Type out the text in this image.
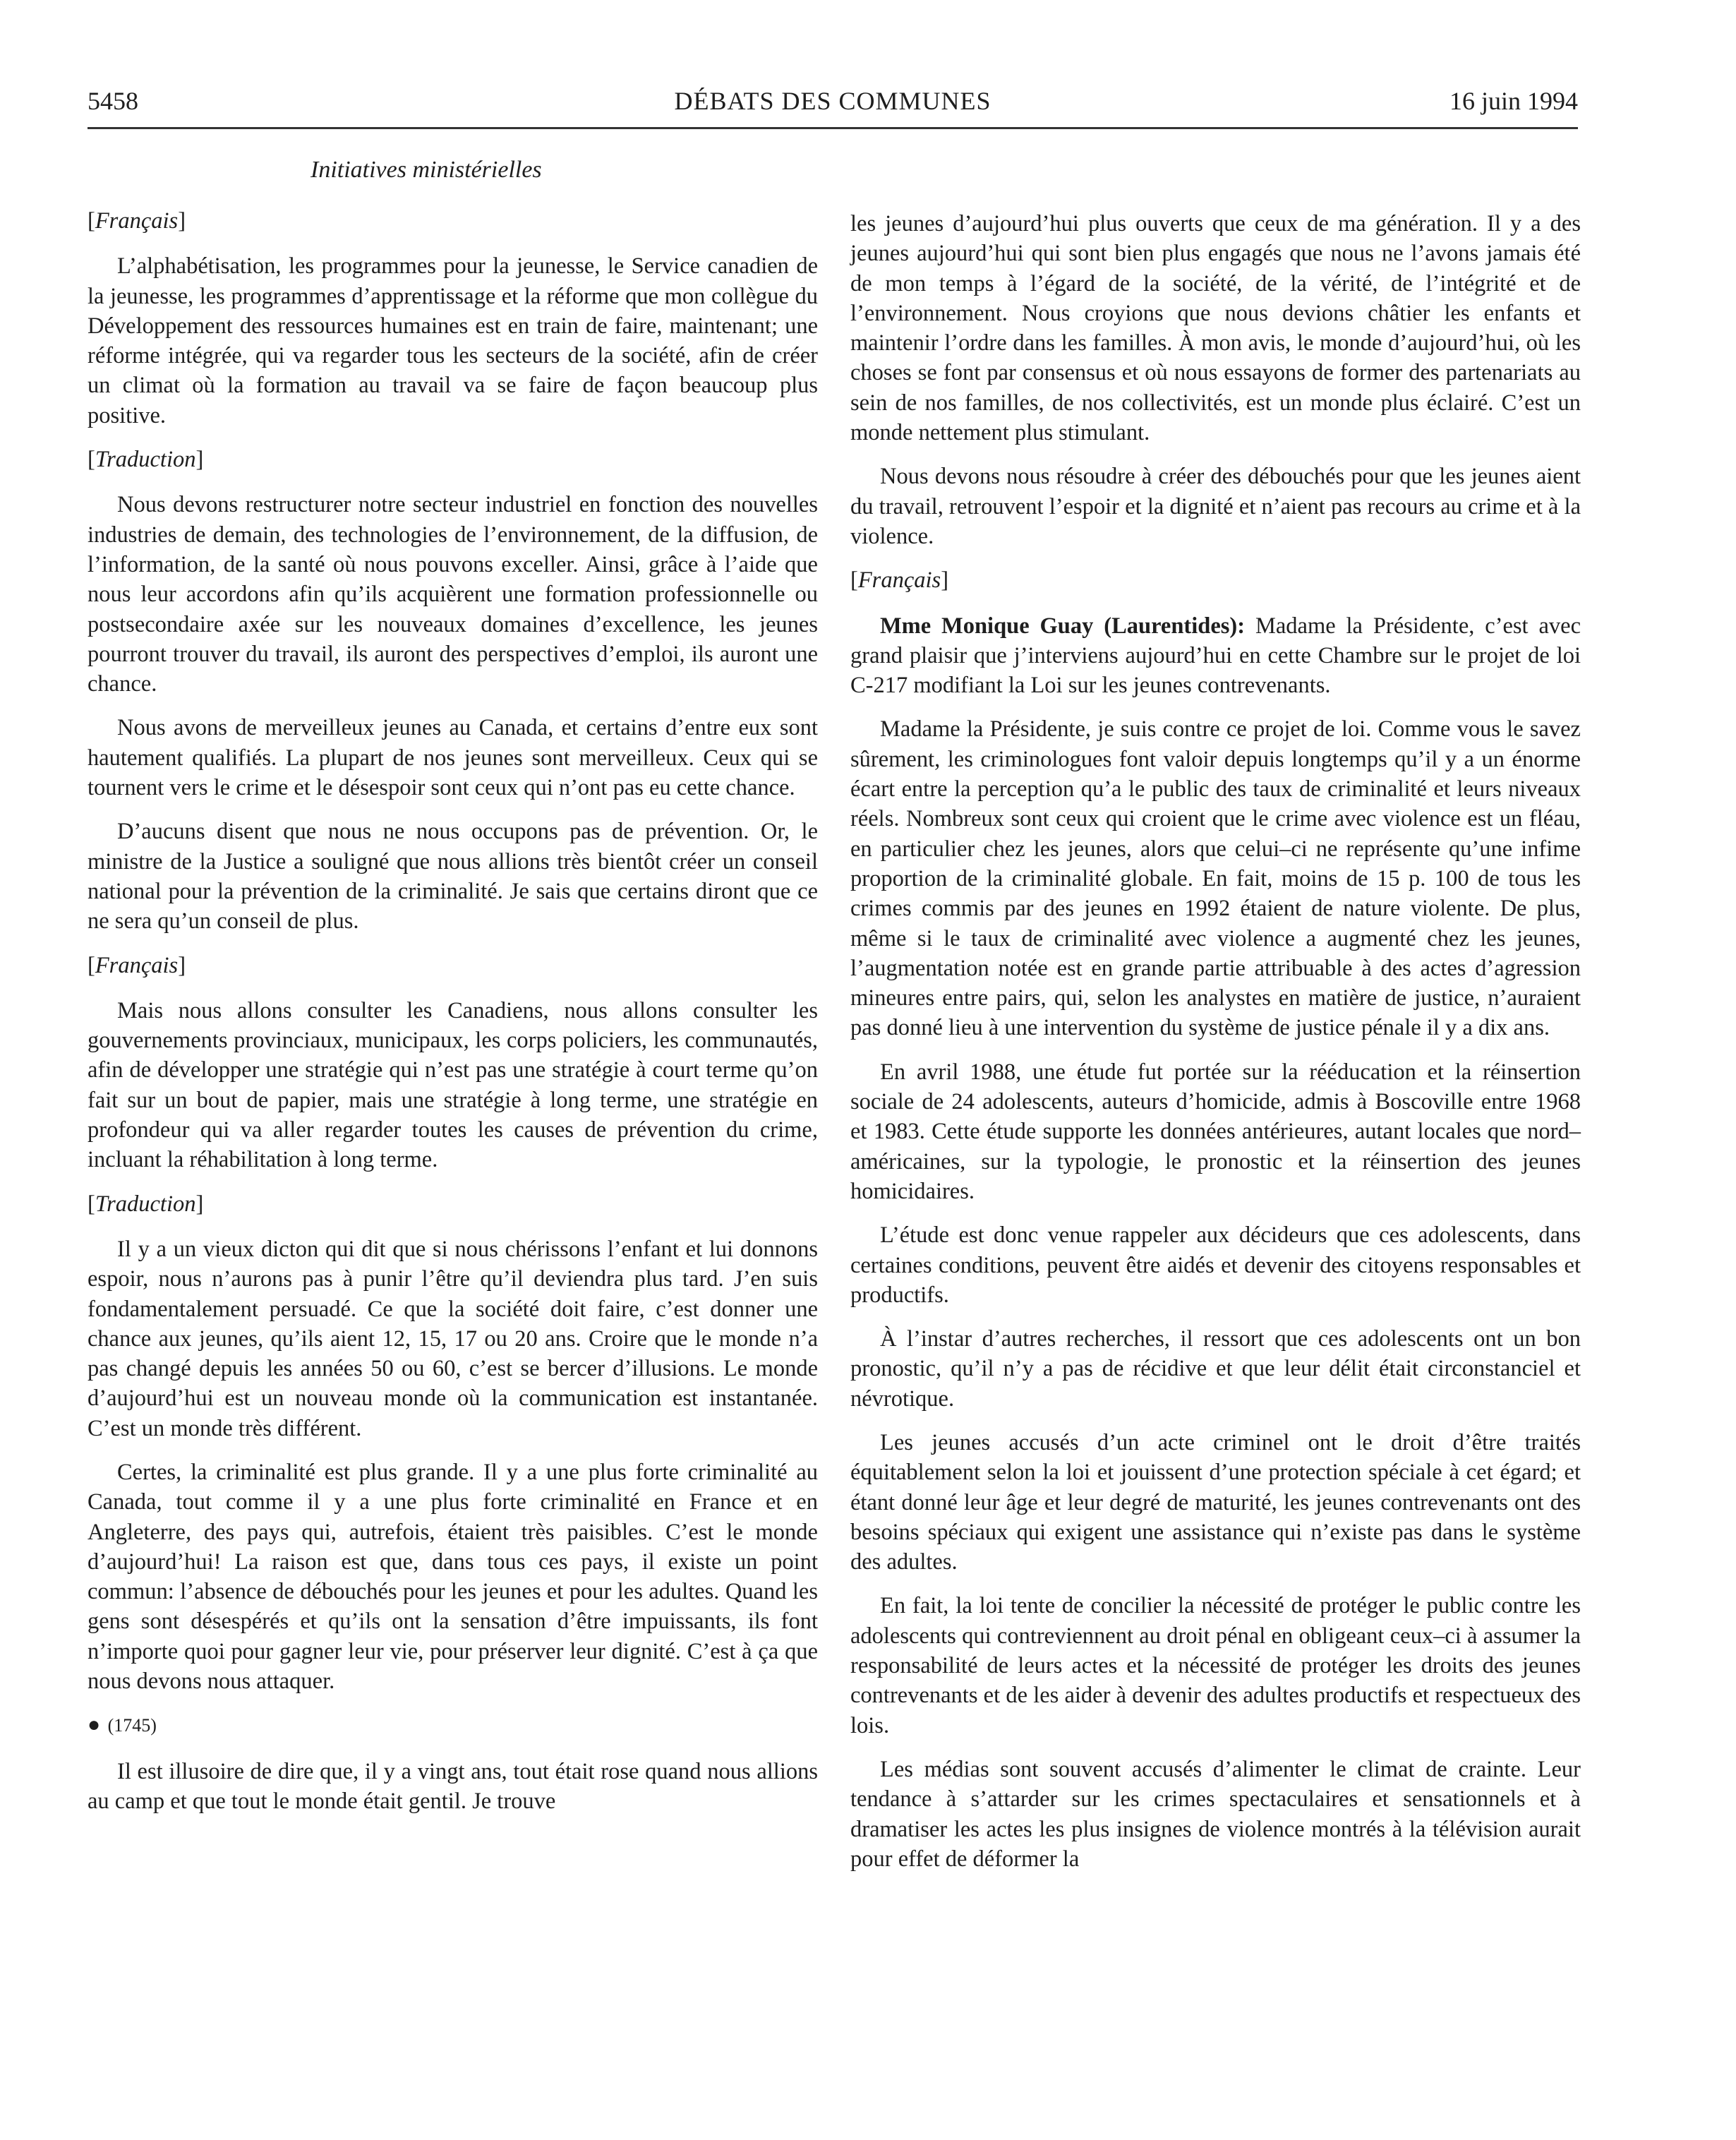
5458	DÉBATS DES COMMUNES	16 juin 1994
Initiatives ministérielles

[Français]

L’alphabétisation, les programmes pour la jeunesse, le Service canadien de la jeunesse, les programmes d’apprentissage et la réforme que mon collègue du Développement des ressources humaines est en train de faire, maintenant; une réforme intégrée, qui va regarder tous les secteurs de la société, afin de créer un climat où la formation au travail va se faire de façon beaucoup plus positive.

[Traduction]

Nous devons restructurer notre secteur industriel en fonction des nouvelles industries de demain, des technologies de l’environnement, de la diffusion, de l’information, de la santé où nous pouvons exceller. Ainsi, grâce à l’aide que nous leur accordons afin qu’ils acquièrent une formation professionnelle ou postsecondaire axée sur les nouveaux domaines d’excellence, les jeunes pourront trouver du travail, ils auront des perspectives d’emploi, ils auront une chance.

Nous avons de merveilleux jeunes au Canada, et certains d’entre eux sont hautement qualifiés. La plupart de nos jeunes sont merveilleux. Ceux qui se tournent vers le crime et le désespoir sont ceux qui n’ont pas eu cette chance.

D’aucuns disent que nous ne nous occupons pas de prévention. Or, le ministre de la Justice a souligné que nous allions très bientôt créer un conseil national pour la prévention de la criminalité. Je sais que certains diront que ce ne sera qu’un conseil de plus.

[Français]

Mais nous allons consulter les Canadiens, nous allons consulter les gouvernements provinciaux, municipaux, les corps policiers, les communautés, afin de développer une stratégie qui n’est pas une stratégie à court terme qu’on fait sur un bout de papier, mais une stratégie à long terme, une stratégie en profondeur qui va aller regarder toutes les causes de prévention du crime, incluant la réhabilitation à long terme.

[Traduction]

Il y a un vieux dicton qui dit que si nous chérissons l’enfant et lui donnons espoir, nous n’aurons pas à punir l’être qu’il deviendra plus tard. J’en suis fondamentalement persuadé. Ce que la société doit faire, c’est donner une chance aux jeunes, qu’ils aient 12, 15, 17 ou 20 ans. Croire que le monde n’a pas changé depuis les années 50 ou 60, c’est se bercer d’illusions. Le monde d’aujourd’hui est un nouveau monde où la communication est instantanée. C’est un monde très différent.

Certes, la criminalité est plus grande. Il y a une plus forte criminalité au Canada, tout comme il y a une plus forte criminalité en France et en Angleterre, des pays qui, autrefois, étaient très paisibles. C’est le monde d’aujourd’hui! La raison est que, dans tous ces pays, il existe un point commun: l’absence de débouchés pour les jeunes et pour les adultes. Quand les gens sont désespérés et qu’ils ont la sensation d’être impuissants, ils font n’importe quoi pour gagner leur vie, pour préserver leur dignité. C’est à ça que nous devons nous attaquer.

● (1745)

Il est illusoire de dire que, il y a vingt ans, tout était rose quand nous allions au camp et que tout le monde était gentil. Je trouve

les jeunes d’aujourd’hui plus ouverts que ceux de ma génération. Il y a des jeunes aujourd’hui qui sont bien plus engagés que nous ne l’avons jamais été de mon temps à l’égard de la société, de la vérité, de l’intégrité et de l’environnement. Nous croyions que nous devions châtier les enfants et maintenir l’ordre dans les familles. À mon avis, le monde d’aujourd’hui, où les choses se font par consensus et où nous essayons de former des partenariats au sein de nos familles, de nos collectivités, est un monde plus éclairé. C’est un monde nettement plus stimulant.

Nous devons nous résoudre à créer des débouchés pour que les jeunes aient du travail, retrouvent l’espoir et la dignité et n’aient pas recours au crime et à la violence.

[Français]

Mme Monique Guay (Laurentides): Madame la Présidente, c’est avec grand plaisir que j’interviens aujourd’hui en cette Chambre sur le projet de loi C-217 modifiant la Loi sur les jeunes contrevenants.

Madame la Présidente, je suis contre ce projet de loi. Comme vous le savez sûrement, les criminologues font valoir depuis longtemps qu’il y a un énorme écart entre la perception qu’a le public des taux de criminalité et leurs niveaux réels. Nombreux sont ceux qui croient que le crime avec violence est un fléau, en particulier chez les jeunes, alors que celui–ci ne représente qu’une infime proportion de la criminalité globale. En fait, moins de 15 p. 100 de tous les crimes commis par des jeunes en 1992 étaient de nature violente. De plus, même si le taux de criminalité avec violence a augmenté chez les jeunes, l’augmentation notée est en grande partie attribuable à des actes d’agression mineures entre pairs, qui, selon les analystes en matière de justice, n’auraient pas donné lieu à une intervention du système de justice pénale il y a dix ans.

En avril 1988, une étude fut portée sur la rééducation et la réinsertion sociale de 24 adolescents, auteurs d’homicide, admis à Boscoville entre 1968 et 1983. Cette étude supporte les données antérieures, autant locales que nord–américaines, sur la typologie, le pronostic et la réinsertion des jeunes homicidaires.

L’étude est donc venue rappeler aux décideurs que ces adolescents, dans certaines conditions, peuvent être aidés et devenir des citoyens responsables et productifs.

À l’instar d’autres recherches, il ressort que ces adolescents ont un bon pronostic, qu’il n’y a pas de récidive et que leur délit était circonstanciel et névrotique.

Les jeunes accusés d’un acte criminel ont le droit d’être traités équitablement selon la loi et jouissent d’une protection spéciale à cet égard; et étant donné leur âge et leur degré de maturité, les jeunes contrevenants ont des besoins spéciaux qui exigent une assistance qui n’existe pas dans le système des adultes.

En fait, la loi tente de concilier la nécessité de protéger le public contre les adolescents qui contreviennent au droit pénal en obligeant ceux–ci à assumer la responsabilité de leurs actes et la nécessité de protéger les droits des jeunes contrevenants et de les aider à devenir des adultes productifs et respectueux des lois.

Les médias sont souvent accusés d’alimenter le climat de crainte. Leur tendance à s’attarder sur les crimes spectaculaires et sensationnels et à dramatiser les actes les plus insignes de violence montrés à la télévision aurait pour effet de déformer la
